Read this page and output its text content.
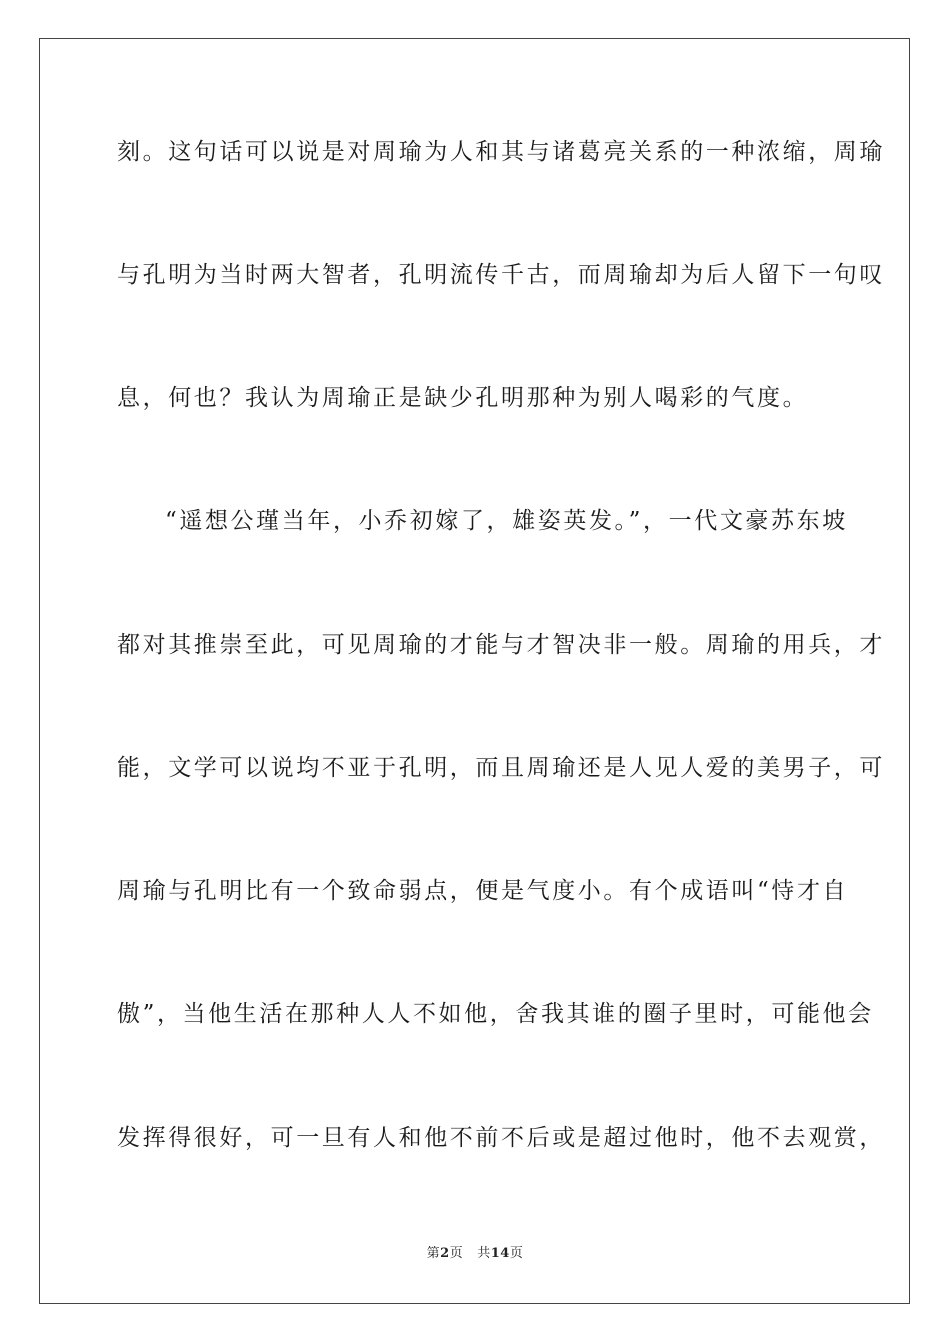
刻。这句话可以说是对周瑜为人和其与诸葛亮关系的一种浓缩，周瑜
与孔明为当时两大智者，孔明流传千古，而周瑜却为后人留下一句叹
息，何也？我认为周瑜正是缺少孔明那种为别人喝彩的气度。
“遥想公瑾当年，小乔初嫁了，雄姿英发。”，一代文豪苏东坡
都对其推崇至此，可见周瑜的才能与才智决非一般。周瑜的用兵，才
能，文学可以说均不亚于孔明，而且周瑜还是人见人爱的美男子，可
周瑜与孔明比有一个致命弱点，便是气度小。有个成语叫“恃才自
傲”，当他生活在那种人人不如他，舍我其谁的圈子里时，可能他会
发挥得很好，可一旦有人和他不前不后或是超过他时，他不去观赏，
第2页 共14页
